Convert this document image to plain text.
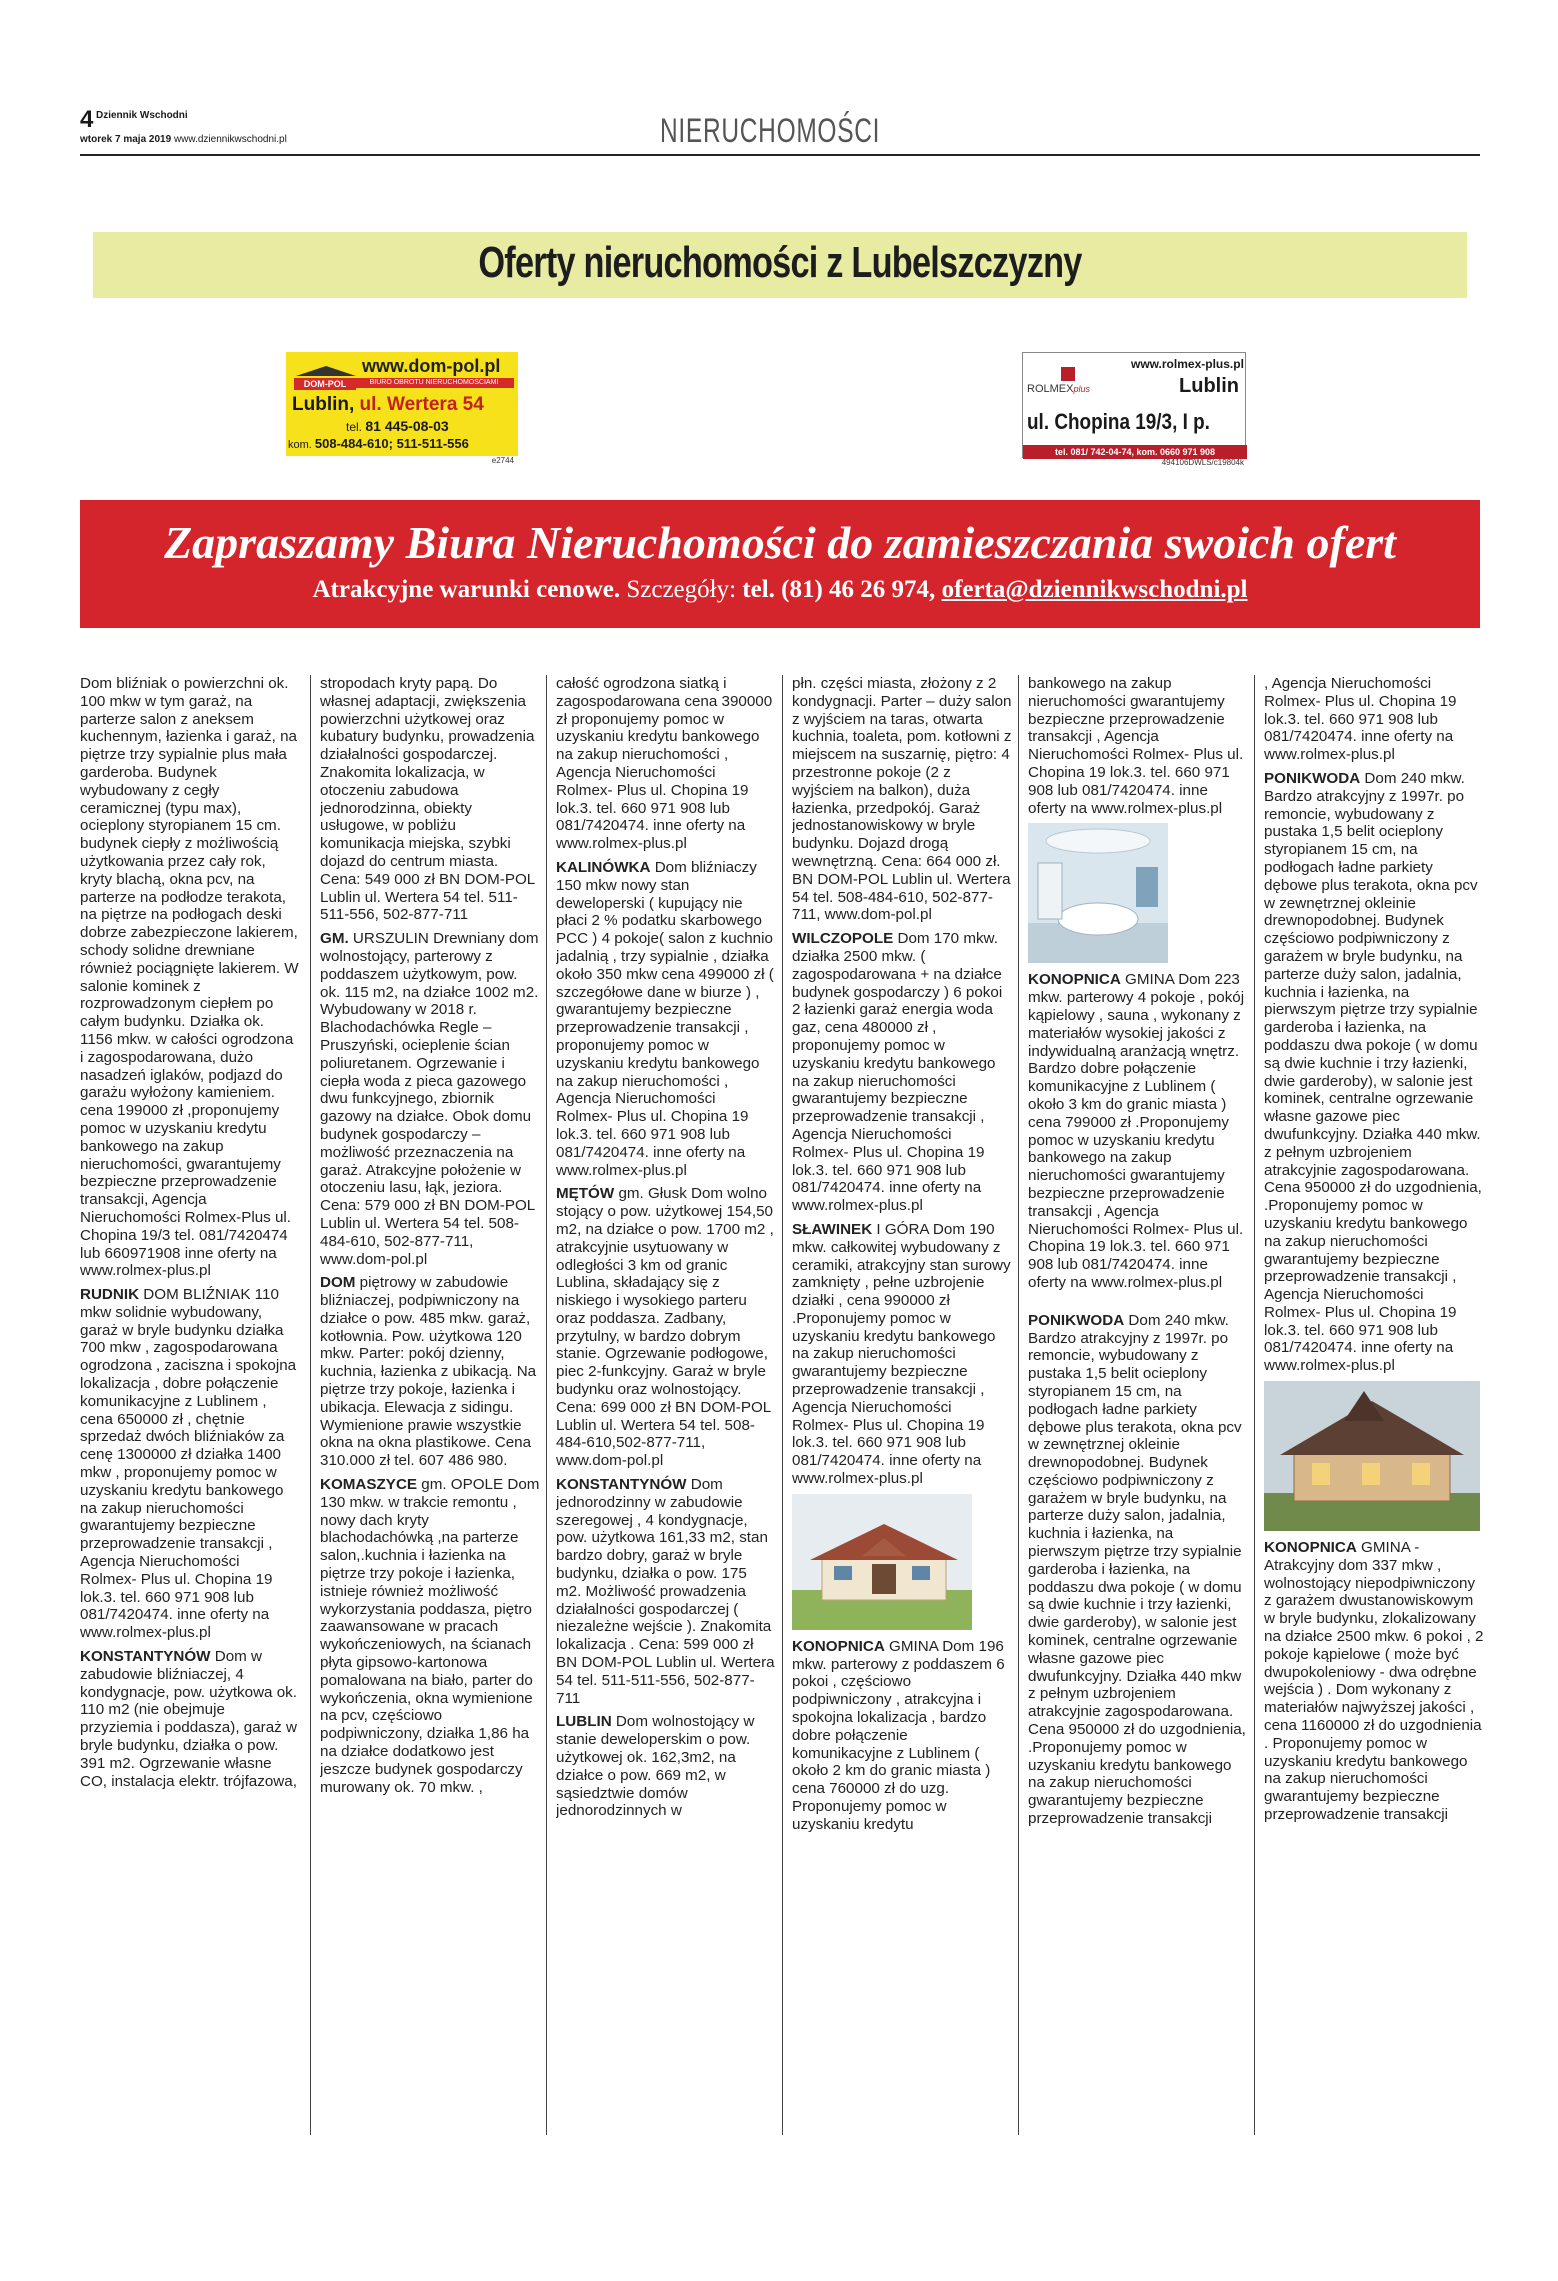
4 Dziennik Wschodni
wtorek 7 maja 2019 www.dziennikwschodni.pl	NIERUCHOMOŚCI
Oferty nieruchomości z Lubelszczyzny
DOM-POL
www.dom-pol.pl
BIURO OBROTU NIERUCHOMOŚCIAMI
Lublin, ul. Wertera 54
tel. 81 445-08-03
kom. 508-484-610; 511-511-556
e2744
ROLMEXplus
www.rolmex-plus.pl
Lublin
ul. Chopina 19/3, I p.
tel. 081/ 742-04-74, kom. 0660 971 908
494106DWLS/c19804k
Zapraszamy Biura Nieruchomości do zamieszczania swoich ofert
Atrakcyjne warunki cenowe. Szczegóły: tel. (81) 46 26 974, oferta@dziennikwschodni.pl

Dom bliźniak o powierzchni ok. 100 mkw w tym garaż, na parterze salon z aneksem kuchennym, łazienka i garaż, na piętrze trzy sypialnie plus mała garderoba. Budynek wybudowany z cegły ceramicznej (typu max), ocieplony styropianem 15 cm. budynek ciepły z możliwością użytkowania przez cały rok, kryty blachą, okna pcv, na parterze na podłodze terakota, na piętrze na podłogach deski dobrze zabezpieczone lakierem, schody solidne drewniane również pociągnięte lakierem. W salonie kominek z rozprowadzonym ciepłem po całym budynku. Działka ok. 1156 mkw. w całości ogrodzona i zagospodarowana, dużo nasadzeń iglaków, podjazd do garażu wyłożony kamieniem. cena 199000 zł ,proponujemy pomoc w uzyskaniu kredytu bankowego na zakup nieruchomości, gwarantujemy bezpieczne przeprowadzenie transakcji, Agencja Nieruchomości Rolmex-Plus ul. Chopina 19/3 tel. 081/7420474 lub 660971908 inne oferty na www.rolmex-plus.pl

RUDNIK DOM BLIŹNIAK 110 mkw solidnie wybudowany, garaż w bryle budynku działka 700 mkw , zagospodarowana ogrodzona , zaciszna i spokojna lokalizacja , dobre połączenie komunikacyjne z Lublinem , cena 650000 zł , chętnie sprzedaż dwóch bliźniaków za cenę 1300000 zł działka 1400 mkw , proponujemy pomoc w uzyskaniu kredytu bankowego na zakup nieruchomości gwarantujemy bezpieczne przeprowadzenie transakcji , Agencja Nieruchomości Rolmex- Plus ul. Chopina 19 lok.3. tel. 660 971 908 lub 081/7420474. inne oferty na www.rolmex-plus.pl

KONSTANTYNÓW Dom w zabudowie bliźniaczej, 4 kondygnacje, pow. użytkowa ok. 110 m2 (nie obejmuje przyziemia i poddasza), garaż w bryle budynku, działka o pow. 391 m2. Ogrzewanie własne CO, instalacja elektr. trójfazowa,

stropodach kryty papą. Do własnej adaptacji, zwiększenia powierzchni użytkowej oraz kubatury budynku, prowadzenia działalności gospodarczej. Znakomita lokalizacja, w otoczeniu zabudowa jednorodzinna, obiekty usługowe, w pobliżu komunikacja miejska, szybki dojazd do centrum miasta. Cena: 549 000 zł BN DOM-POL Lublin ul. Wertera 54 tel. 511-511-556, 502-877-711

GM. URSZULIN Drewniany dom wolnostojący, parterowy z poddaszem użytkowym, pow. ok. 115 m2, na działce 1002 m2. Wybudowany w 2018 r. Blachodachówka Regle – Pruszyński, ocieplenie ścian poliuretanem. Ogrzewanie i ciepła woda z pieca gazowego dwu funkcyjnego, zbiornik gazowy na działce. Obok domu budynek gospodarczy – możliwość przeznaczenia na garaż. Atrakcyjne położenie w otoczeniu lasu, łąk, jeziora. Cena: 579 000 zł BN DOM-POL Lublin ul. Wertera 54 tel. 508-484-610, 502-877-711, www.dom-pol.pl

DOM piętrowy w zabudowie bliźniaczej, podpiwniczony na działce o pow. 485 mkw. garaż, kotłownia. Pow. użytkowa 120 mkw. Parter: pokój dzienny, kuchnia, łazienka z ubikacją. Na piętrze trzy pokoje, łazienka i ubikacja. Elewacja z sidingu. Wymienione prawie wszystkie okna na okna plastikowe. Cena 310.000 zł tel. 607 486 980.

KOMASZYCE gm. OPOLE Dom 130 mkw. w trakcie remontu , nowy dach kryty blachodachówką ,na parterze salon,.kuchnia i łazienka na piętrze trzy pokoje i łazienka, istnieje również możliwość wykorzystania poddasza, piętro zaawansowane w pracach wykończeniowych, na ścianach płyta gipsowo-kartonowa pomalowana na biało, parter do wykończenia, okna wymienione na pcv, częściowo podpiwniczony, działka 1,86 ha na działce dodatkowo jest jeszcze budynek gospodarczy murowany ok. 70 mkw. ,

całość ogrodzona siatką i zagospodarowana cena 390000 zł proponujemy pomoc w uzyskaniu kredytu bankowego na zakup nieruchomości , Agencja Nieruchomości Rolmex- Plus ul. Chopina 19 lok.3. tel. 660 971 908 lub 081/7420474. inne oferty na www.rolmex-plus.pl

KALINÓWKA Dom bliźniaczy 150 mkw nowy stan deweloperski ( kupujący nie płaci 2 % podatku skarbowego PCC ) 4 pokoje( salon z kuchnio jadalnią , trzy sypialnie , działka około 350 mkw cena 499000 zł ( szczegółowe dane w biurze ) , gwarantujemy bezpieczne przeprowadzenie transakcji , proponujemy pomoc w uzyskaniu kredytu bankowego na zakup nieruchomości , Agencja Nieruchomości Rolmex- Plus ul. Chopina 19 lok.3. tel. 660 971 908 lub 081/7420474. inne oferty na www.rolmex-plus.pl

MĘTÓW gm. Głusk Dom wolno stojący o pow. użytkowej 154,50 m2, na działce o pow. 1700 m2 , atrakcyjnie usytuowany w odległości 3 km od granic Lublina, składający się z niskiego i wysokiego parteru oraz poddasza. Zadbany, przytulny, w bardzo dobrym stanie. Ogrzewanie podłogowe, piec 2-funkcyjny. Garaż w bryle budynku oraz wolnostojący. Cena: 699 000 zł BN DOM-POL Lublin ul. Wertera 54 tel. 508-484-610,502-877-711, www.dom-pol.pl

KONSTANTYNÓW Dom jednorodzinny w zabudowie szeregowej , 4 kondygnacje, pow. użytkowa 161,33 m2, stan bardzo dobry, garaż w bryle budynku, działka o pow. 175 m2. Możliwość prowadzenia działalności gospodarczej ( niezależne wejście ). Znakomita lokalizacja . Cena: 599 000 zł BN DOM-POL Lublin ul. Wertera 54 tel. 511-511-556, 502-877-711

LUBLIN Dom wolnostojący w stanie deweloperskim o pow. użytkowej ok. 162,3m2, na działce o pow. 669 m2, w sąsiedztwie domów jednorodzinnych w

płn. części miasta, złożony z 2 kondygnacji. Parter – duży salon z wyjściem na taras, otwarta kuchnia, toaleta, pom. kotłowni z miejscem na suszarnię, piętro: 4 przestronne pokoje (2 z wyjściem na balkon), duża łazienka, przedpokój. Garaż jednostanowiskowy w bryle budynku. Dojazd drogą wewnętrzną. Cena: 664 000 zł. BN DOM-POL Lublin ul. Wertera 54 tel. 508-484-610, 502-877-711, www.dom-pol.pl

WILCZOPOLE Dom 170 mkw. działka 2500 mkw. ( zagospodarowana + na działce budynek gospodarczy ) 6 pokoi 2 łazienki garaż energia woda gaz, cena 480000 zł , proponujemy pomoc w uzyskaniu kredytu bankowego na zakup nieruchomości gwarantujemy bezpieczne przeprowadzenie transakcji , Agencja Nieruchomości Rolmex- Plus ul. Chopina 19 lok.3. tel. 660 971 908 lub 081/7420474. inne oferty na www.rolmex-plus.pl

SŁAWINEK I GÓRA Dom 190 mkw. całkowitej wybudowany z ceramiki, atrakcyjny stan surowy zamknięty , pełne uzbrojenie działki , cena 990000 zł .Proponujemy pomoc w uzyskaniu kredytu bankowego na zakup nieruchomości gwarantujemy bezpieczne przeprowadzenie transakcji , Agencja Nieruchomości Rolmex- Plus ul. Chopina 19 lok.3. tel. 660 971 908 lub 081/7420474. inne oferty na www.rolmex-plus.pl

KONOPNICA GMINA Dom 196 mkw. parterowy z poddaszem 6 pokoi , częściowo podpiwniczony , atrakcyjna i spokojna lokalizacja , bardzo dobre połączenie komunikacyjne z Lublinem ( około 2 km do granic miasta ) cena 760000 zł do uzg. Proponujemy pomoc w uzyskaniu kredytu

bankowego na zakup nieruchomości gwarantujemy bezpieczne przeprowadzenie transakcji , Agencja Nieruchomości Rolmex- Plus ul. Chopina 19 lok.3. tel. 660 971 908 lub 081/7420474. inne oferty na www.rolmex-plus.pl

KONOPNICA GMINA Dom 223 mkw. parterowy 4 pokoje , pokój kąpielowy , sauna , wykonany z materiałów wysokiej jakości z indywidualną aranżacją wnętrz. Bardzo dobre połączenie komunikacyjne z Lublinem ( około 3 km do granic miasta ) cena 799000 zł .Proponujemy pomoc w uzyskaniu kredytu bankowego na zakup nieruchomości gwarantujemy bezpieczne przeprowadzenie transakcji , Agencja Nieruchomości Rolmex- Plus ul. Chopina 19 lok.3. tel. 660 971 908 lub 081/7420474. inne oferty na www.rolmex-plus.pl

PONIKWODA Dom 240 mkw. Bardzo atrakcyjny z 1997r. po remoncie, wybudowany z pustaka 1,5 belit ocieplony styropianem 15 cm, na podłogach ładne parkiety dębowe plus terakota, okna pcv w zewnętrznej okleinie drewnopodobnej. Budynek częściowo podpiwniczony z garażem w bryle budynku, na parterze duży salon, jadalnia, kuchnia i łazienka, na pierwszym piętrze trzy sypialnie garderoba i łazienka, na poddaszu dwa pokoje ( w domu są dwie kuchnie i trzy łazienki, dwie garderoby), w salonie jest kominek, centralne ogrzewanie własne gazowe piec dwufunkcyjny. Działka 440 mkw z pełnym uzbrojeniem atrakcyjnie zagospodarowana. Cena 950000 zł do uzgodnienia, .Proponujemy pomoc w uzyskaniu kredytu bankowego na zakup nieruchomości gwarantujemy bezpieczne przeprowadzenie transakcji

, Agencja Nieruchomości Rolmex- Plus ul. Chopina 19 lok.3. tel. 660 971 908 lub 081/7420474. inne oferty na www.rolmex-plus.pl

PONIKWODA Dom 240 mkw. Bardzo atrakcyjny z 1997r. po remoncie, wybudowany z pustaka 1,5 belit ocieplony styropianem 15 cm, na podłogach ładne parkiety dębowe plus terakota, okna pcv w zewnętrznej okleinie drewnopodobnej. Budynek częściowo podpiwniczony z garażem w bryle budynku, na parterze duży salon, jadalnia, kuchnia i łazienka, na pierwszym piętrze trzy sypialnie garderoba i łazienka, na poddaszu dwa pokoje ( w domu są dwie kuchnie i trzy łazienki, dwie garderoby), w salonie jest kominek, centralne ogrzewanie własne gazowe piec dwufunkcyjny. Działka 440 mkw. z pełnym uzbrojeniem atrakcyjnie zagospodarowana. Cena 950000 zł do uzgodnienia, .Proponujemy pomoc w uzyskaniu kredytu bankowego na zakup nieruchomości gwarantujemy bezpieczne przeprowadzenie transakcji , Agencja Nieruchomości Rolmex- Plus ul. Chopina 19 lok.3. tel. 660 971 908 lub 081/7420474. inne oferty na www.rolmex-plus.pl

KONOPNICA GMINA - Atrakcyjny dom 337 mkw , wolnostojący niepodpiwniczony z garażem dwustanowiskowym w bryle budynku, zlokalizowany na działce 2500 mkw. 6 pokoi , 2 pokoje kąpielowe ( może być dwupokoleniowy - dwa odrębne wejścia ) . Dom wykonany z materiałów najwyższej jakości , cena 1160000 zł do uzgodnienia . Proponujemy pomoc w uzyskaniu kredytu bankowego na zakup nieruchomości gwarantujemy bezpieczne przeprowadzenie transakcji
